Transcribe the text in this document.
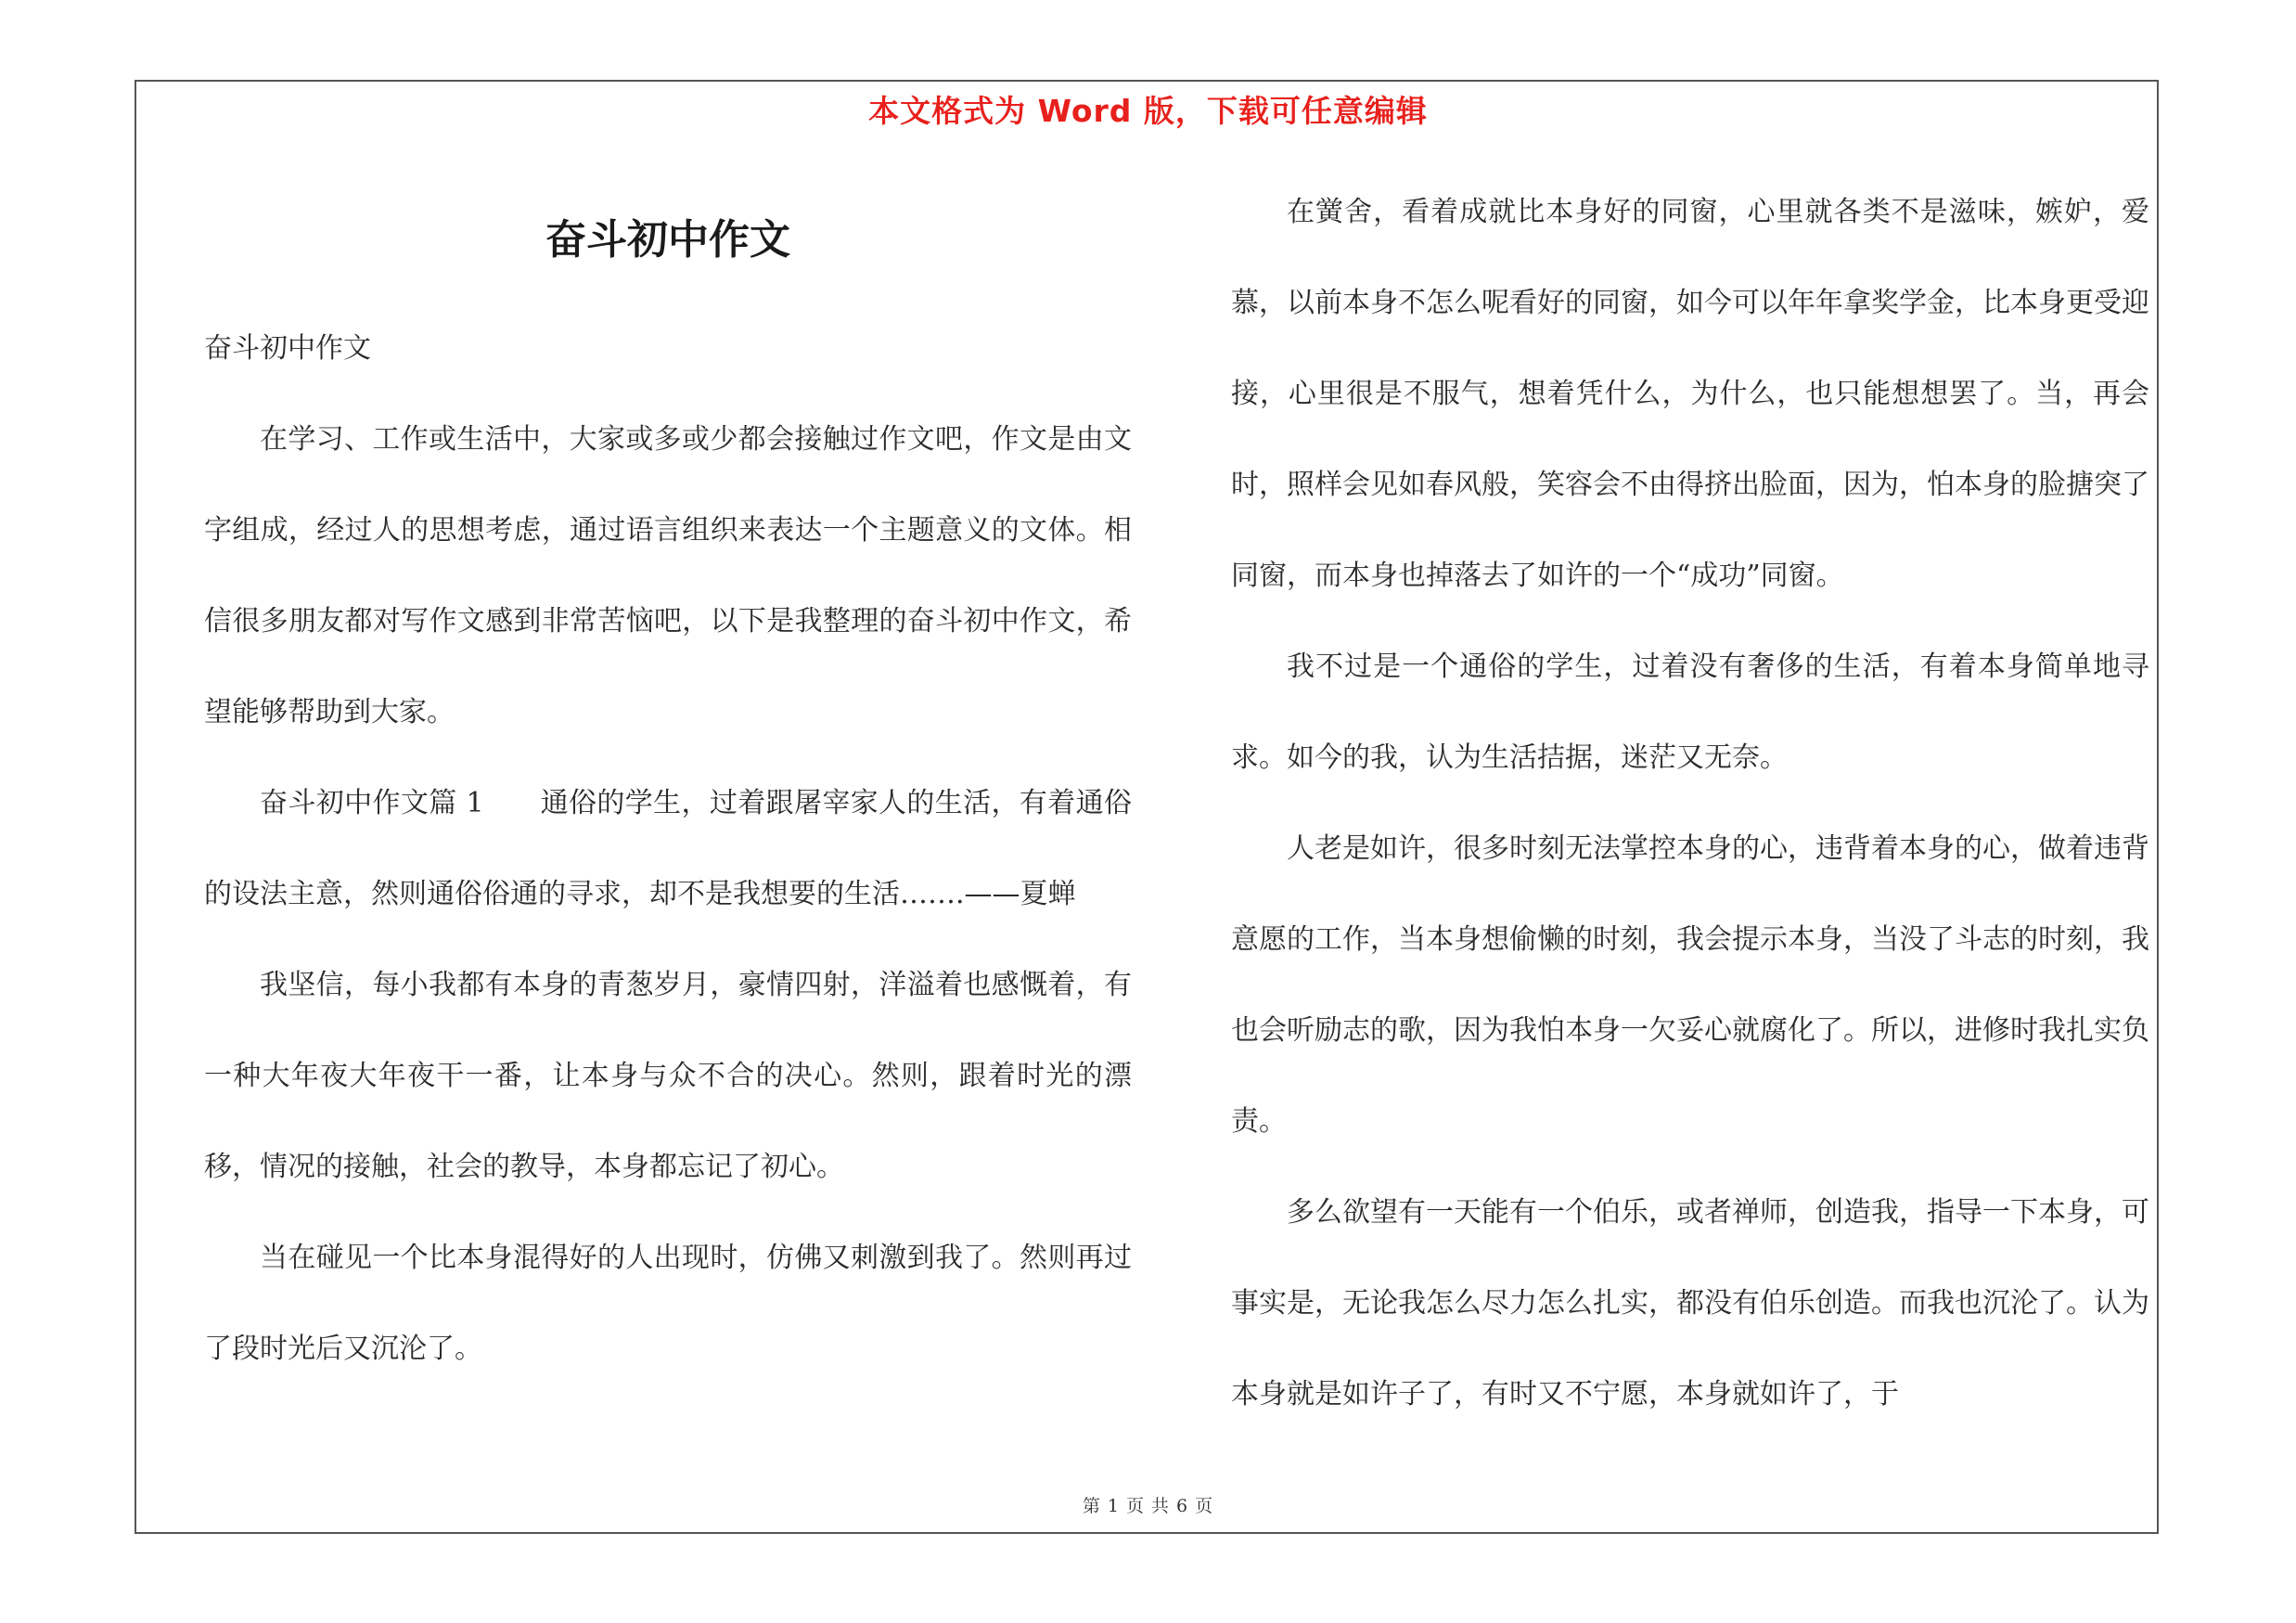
本文格式为 Word 版，下载可任意编辑
奋斗初中作文

奋斗初中作文

在学习、工作或生活中，大家或多或少都会接触过作文吧，作文是由文字组成，经过人的思想考虑，通过语言组织来表达一个主题意义的文体。相信很多朋友都对写作文感到非常苦恼吧，以下是我整理的奋斗初中作文，希望能够帮助到大家。

奋斗初中作文篇 1　　通俗的学生，过着跟屠宰家人的生活，有着通俗的设法主意，然则通俗俗通的寻求，却不是我想要的生活…….——夏蝉

我坚信，每小我都有本身的青葱岁月，豪情四射，洋溢着也感慨着，有一种大年夜大年夜干一番，让本身与众不合的决心。然则，跟着时光的漂移，情况的接触，社会的教导，本身都忘记了初心。

当在碰见一个比本身混得好的人出现时，仿佛又刺激到我了。然则再过了段时光后又沉沦了。

在黉舍，看着成就比本身好的同窗，心里就各类不是滋味，嫉妒，爱慕，以前本身不怎么呢看好的同窗，如今可以年年拿奖学金，比本身更受迎接，心里很是不服气，想着凭什么，为什么，也只能想想罢了。当，再会时，照样会见如春风般，笑容会不由得挤出脸面，因为，怕本身的脸搪突了同窗，而本身也掉落去了如许的一个“成功”同窗。

我不过是一个通俗的学生，过着没有奢侈的生活，有着本身简单地寻求。如今的我，认为生活拮据，迷茫又无奈。

人老是如许，很多时刻无法掌控本身的心，违背着本身的心，做着违背意愿的工作，当本身想偷懒的时刻，我会提示本身，当没了斗志的时刻，我也会听励志的歌，因为我怕本身一欠妥心就腐化了。所以，进修时我扎实负责。

多么欲望有一天能有一个伯乐，或者禅师，创造我，指导一下本身，可事实是，无论我怎么尽力怎么扎实，都没有伯乐创造。而我也沉沦了。认为本身就是如许子了，有时又不宁愿，本身就如许了，于

第 1 页 共 6 页
